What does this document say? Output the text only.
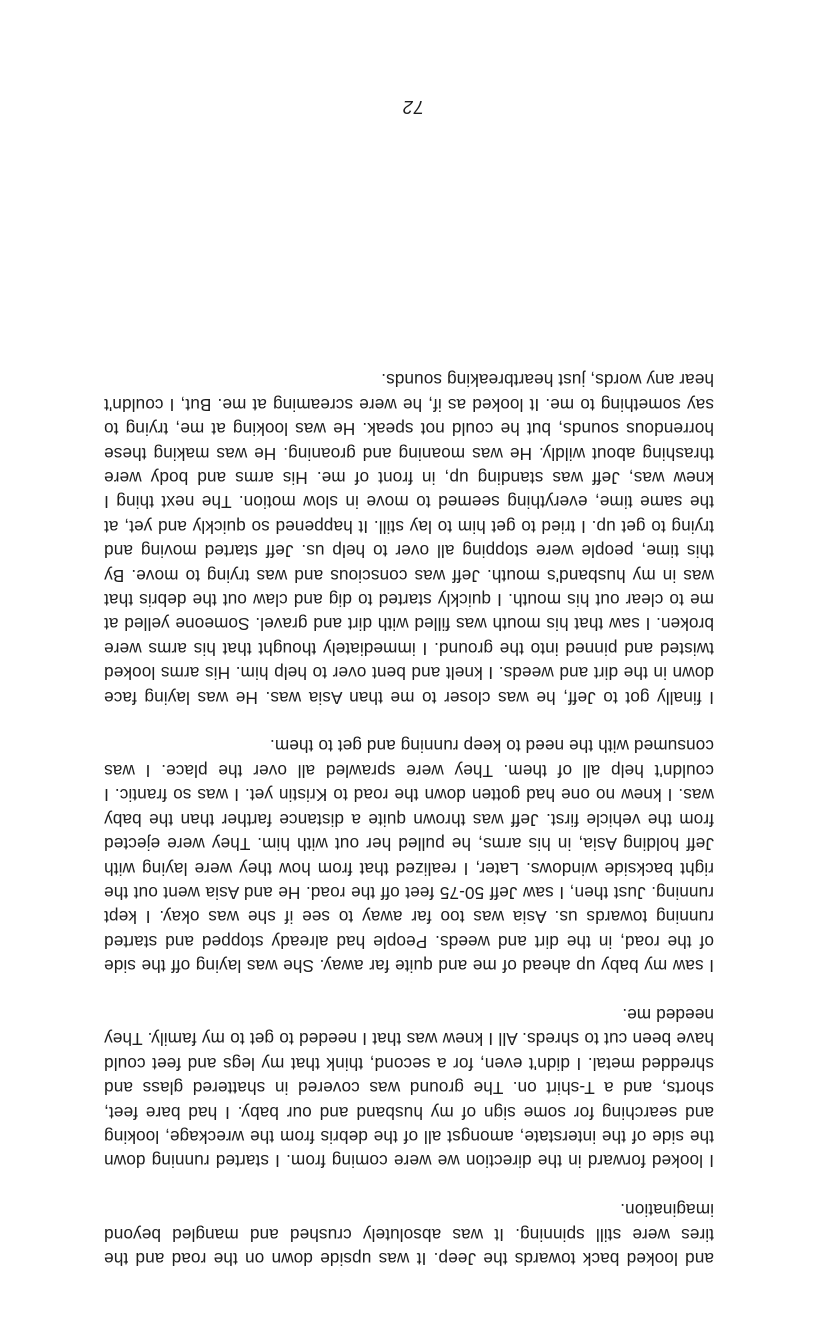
and looked back towards the Jeep. It was upside down on the road and the tires were still spinning. It was absolutely crushed and mangled beyond imagination.

I looked forward in the direction we were coming from. I started running down the side of the interstate, amongst all of the debris from the wreckage, looking and searching for some sign of my husband and our baby. I had bare feet, shorts, and a T-shirt on. The ground was covered in shattered glass and shredded metal. I didn't even, for a second, think that my legs and feet could have been cut to shreds. All I knew was that I needed to get to my family. They needed me.

I saw my baby up ahead of me and quite far away. She was laying off the side of the road, in the dirt and weeds. People had already stopped and started running towards us. Asia was too far away to see if she was okay. I kept running. Just then, I saw Jeff 50-75 feet off the road. He and Asia went out the right backside windows. Later, I realized that from how they were laying with Jeff holding Asia, in his arms, he pulled her out with him. They were ejected from the vehicle first. Jeff was thrown quite a distance farther than the baby was. I knew no one had gotten down the road to Kristin yet. I was so frantic. I couldn't help all of them. They were sprawled all over the place. I was consumed with the need to keep running and get to them.

I finally got to Jeff, he was closer to me than Asia was. He was laying face down in the dirt and weeds. I knelt and bent over to help him. His arms looked twisted and pinned into the ground. I immediately thought that his arms were broken. I saw that his mouth was filled with dirt and gravel. Someone yelled at me to clear out his mouth. I quickly started to dig and claw out the debris that was in my husband's mouth. Jeff was conscious and was trying to move. By this time, people were stopping all over to help us. Jeff started moving and trying to get up. I tried to get him to lay still. It happened so quickly and yet, at the same time, everything seemed to move in slow motion. The next thing I knew was, Jeff was standing up, in front of me. His arms and body were thrashing about wildly. He was moaning and groaning. He was making these horrendous sounds, but he could not speak. He was looking at me, trying to say something to me. It looked as if, he were screaming at me. But, I couldn't hear any words, just heartbreaking sounds.

72
